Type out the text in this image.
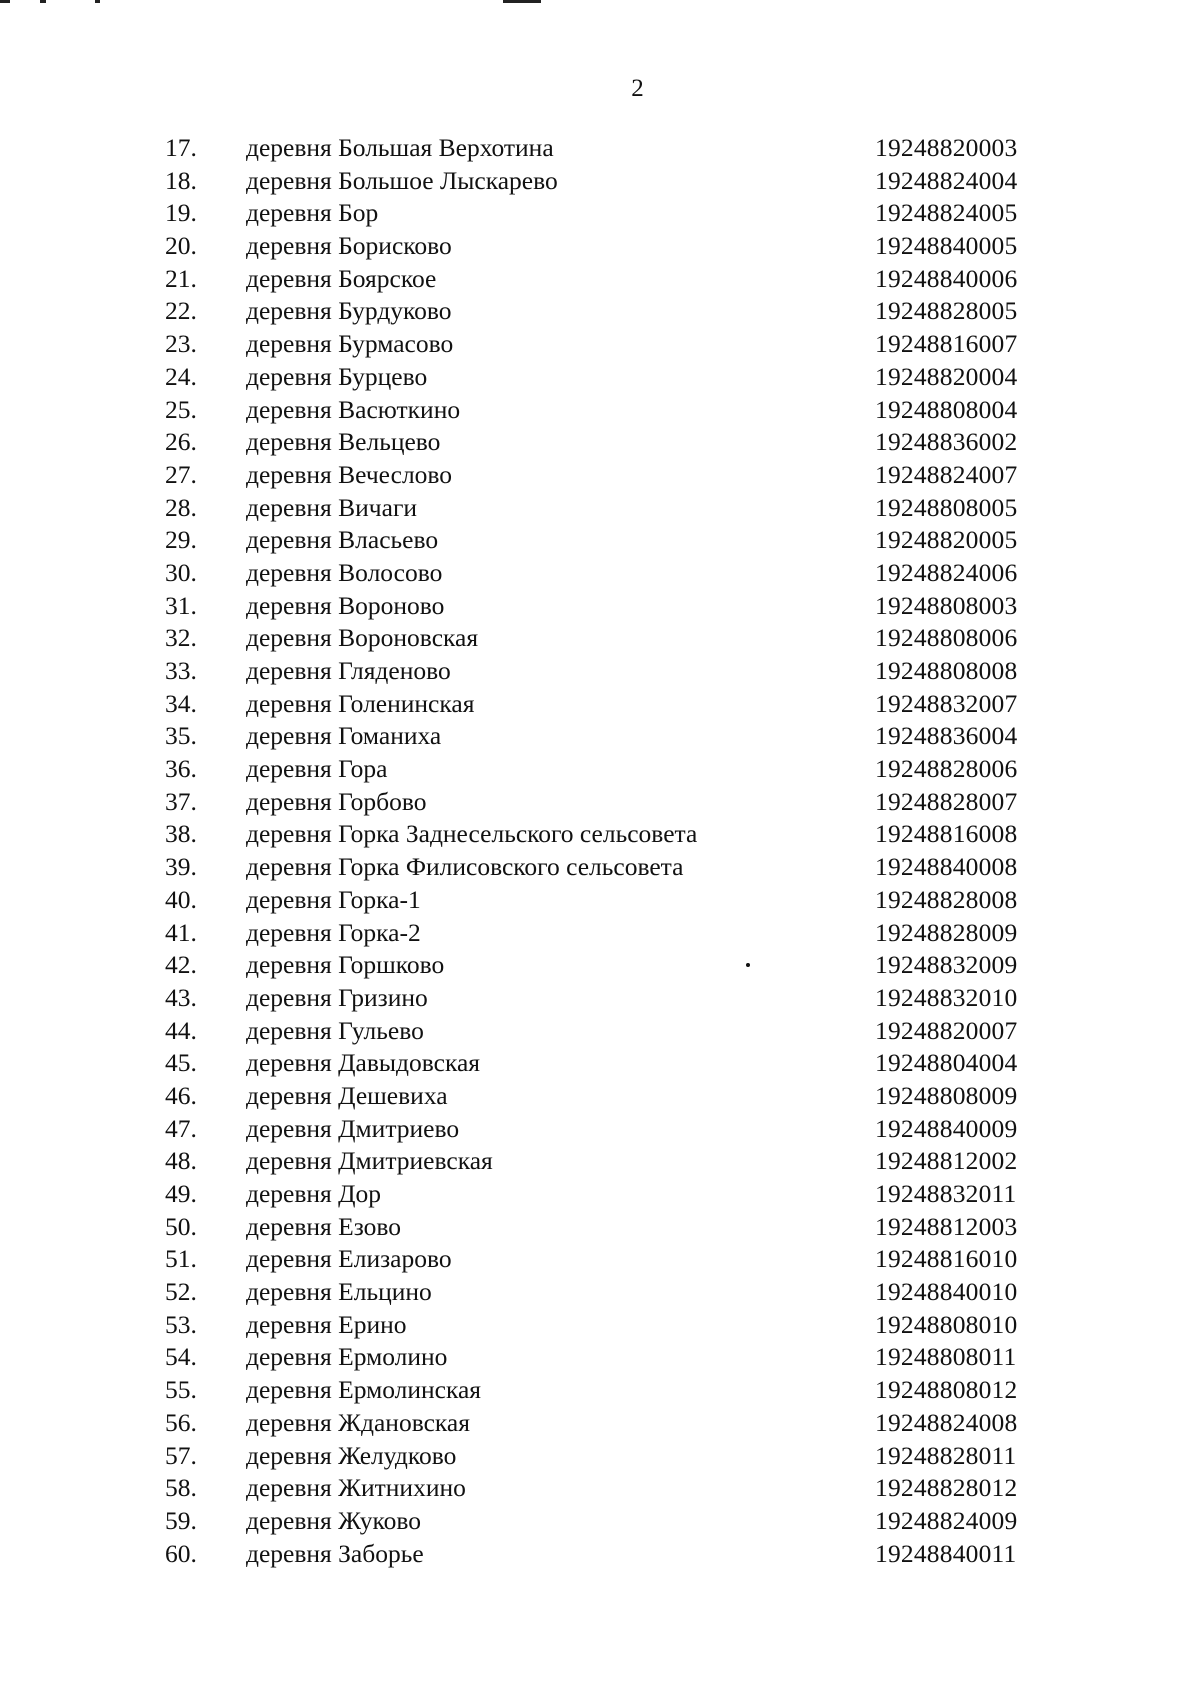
2
17. деревня Большая Верхотина	19248820003
18. деревня Большое Лыскарево	19248824004
19. деревня Бор	19248824005
20. деревня Борисково	19248840005
21. деревня Боярское	19248840006
22. деревня Бурдуково	19248828005
23. деревня Бурмасово	19248816007
24. деревня Бурцево	19248820004
25. деревня Васюткино	19248808004
26. деревня Вельцево	19248836002
27. деревня Вечеслово	19248824007
28. деревня Вичаги	19248808005
29. деревня Власьево	19248820005
30. деревня Волосово	19248824006
31. деревня Вороново	19248808003
32. деревня Вороновская	19248808006
33. деревня Гляденово	19248808008
34. деревня Голенинская	19248832007
35. деревня Гоманиха	19248836004
36. деревня Гора	19248828006
37. деревня Горбово	19248828007
38. деревня Горка Заднесельского сельсовета	19248816008
39. деревня Горка Филисовского сельсовета	19248840008
40. деревня Горка-1	19248828008
41. деревня Горка-2	19248828009
42. деревня Горшково	19248832009
43. деревня Гризино	19248832010
44. деревня Гульево	19248820007
45. деревня Давыдовская	19248804004
46. деревня Дешевиха	19248808009
47. деревня Дмитриево	19248840009
48. деревня Дмитриевская	19248812002
49. деревня Дор	19248832011
50. деревня Езово	19248812003
51. деревня Елизарово	19248816010
52. деревня Ельцино	19248840010
53. деревня Ерино	19248808010
54. деревня Ермолино	19248808011
55. деревня Ермолинская	19248808012
56. деревня Ждановская	19248824008
57. деревня Желудково	19248828011
58. деревня Житнихино	19248828012
59. деревня Жуково	19248824009
60. деревня Заборье	19248840011
